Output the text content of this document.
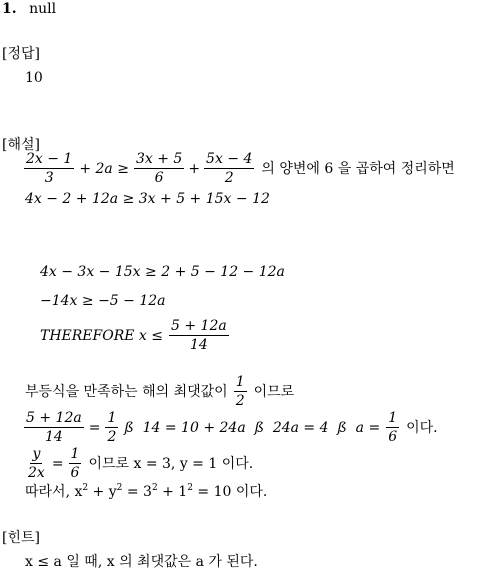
1. null
[정답]
10
[해설]
$\frac{2x - 1}{3} + 2a \ge \frac{3x + 5}{6} + \frac{5x - 4}{2}$ 의 양변에 6 을 곱하여 정리하면
4x − 2 + 12a ≥ 3x + 5 + 15x − 12
4x − 3x − 15x ≥ 2 + 5 − 12 − 12a
−14x ≥ −5 − 12a
THEREFORE $x \le \frac{5 + 12a}{14}$
부등식을 만족하는 해의 최댓값이 $\frac{1}{2}$ 이므로
$\frac{5 + 12a}{14} = \frac{1}{2}$ ß  14 = 10 + 24a  ß  24a = 4  ß  $a = \frac{1}{6}$ 이다.
$\frac{y}{2x} = \frac{1}{6}$ 이므로 x = 3, y = 1 이다.
따라서, $x^2 + y^2 = 3^2 + 1^2 = 10$ 이다.
[힌트]
x ≤ a 일 때, x 의 최댓값은 a 가 된다.
